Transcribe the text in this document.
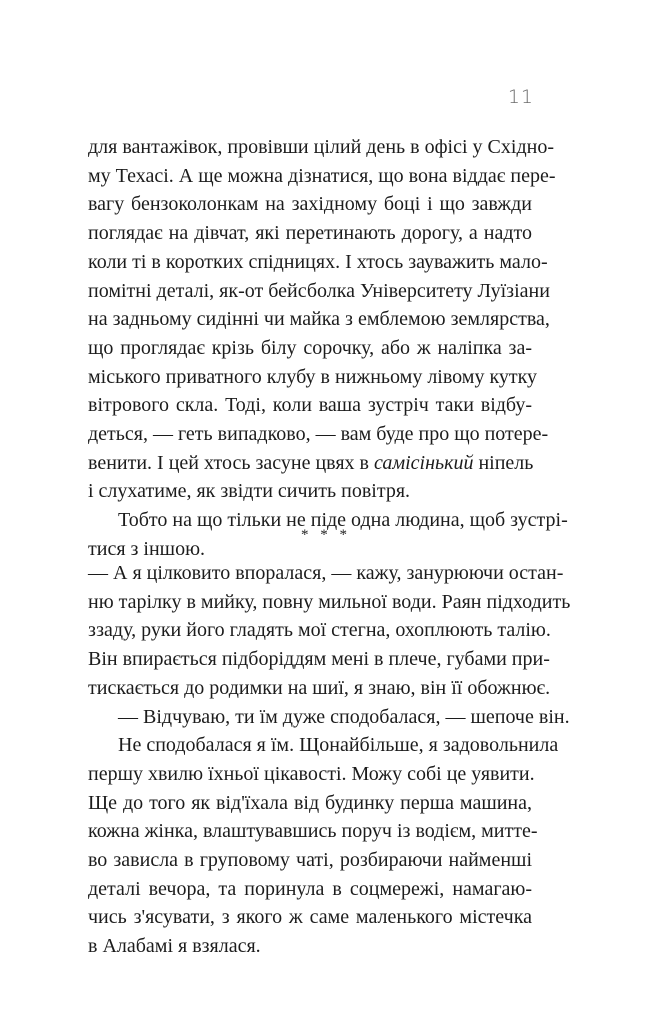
11
для вантажівок, провівши цілий день в офісі у Східно-
му Техасі. А ще можна дізнатися, що вона віддає пере-
вагу бензоколонкам на західному боці і що завжди
поглядає на дівчат, які перетинають дорогу, а надто
коли ті в коротких спідницях. І хтось зауважить мало-
помітні деталі, як-от бейсболка Університету Луїзіани
на задньому сидінні чи майка з емблемою землярства,
що проглядає крізь білу сорочку, або ж наліпка за-
міського приватного клубу в нижньому лівому кутку
вітрового скла. Тоді, коли ваша зустріч таки відбу-
деться, — геть випадково, — вам буде про що потере-
венити. І цей хтось засуне цвях в самісінький ніпель
і слухатиме, як звідти сичить повітря.
Тобто на що тільки не піде одна людина, щоб зустрі-
тися з іншою.
* * *
— А я цілковито впоралася, — кажу, занурюючи остан-
ню тарілку в мийку, повну мильної води. Раян підходить
ззаду, руки його гладять мої стегна, охоплюють талію.
Він впирається підборіддям мені в плече, губами при-
тискається до родимки на шиї, я знаю, він її обожнює.
— Відчуваю, ти їм дуже сподобалася, — шепоче він.
Не сподобалася я їм. Щонайбільше, я задовольнила
першу хвилю їхньої цікавості. Можу собі це уявити.
Ще до того як від'їхала від будинку перша машина,
кожна жінка, влаштувавшись поруч із водієм, митте-
во зависла в груповому чаті, розбираючи найменші
деталі вечора, та поринула в соцмережі, намагаю-
чись з'ясувати, з якого ж саме маленького містечка
в Алабамі я взялася.
